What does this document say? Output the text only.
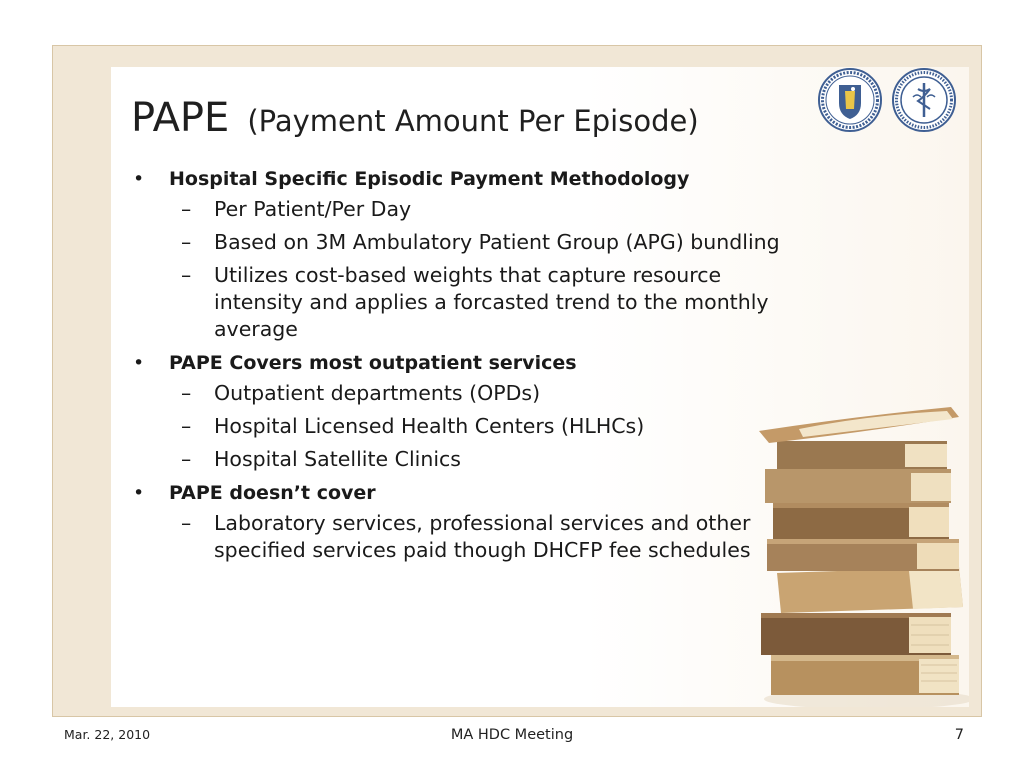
PAPE (Payment Amount Per Episode)
• Hospital Specific Episodic Payment Methodology
– Per Patient/Per Day
– Based on 3M Ambulatory Patient Group (APG) bundling
– Utilizes cost-based weights that capture resource intensity and applies a forcasted trend to the monthly average
• PAPE Covers most outpatient services
– Outpatient departments (OPDs)
– Hospital Licensed Health Centers (HLHCs)
– Hospital Satellite Clinics
• PAPE doesn’t cover
– Laboratory services, professional services and other specified services paid though DHCFP fee schedules
Mar. 22, 2010	MA HDC Meeting	7
